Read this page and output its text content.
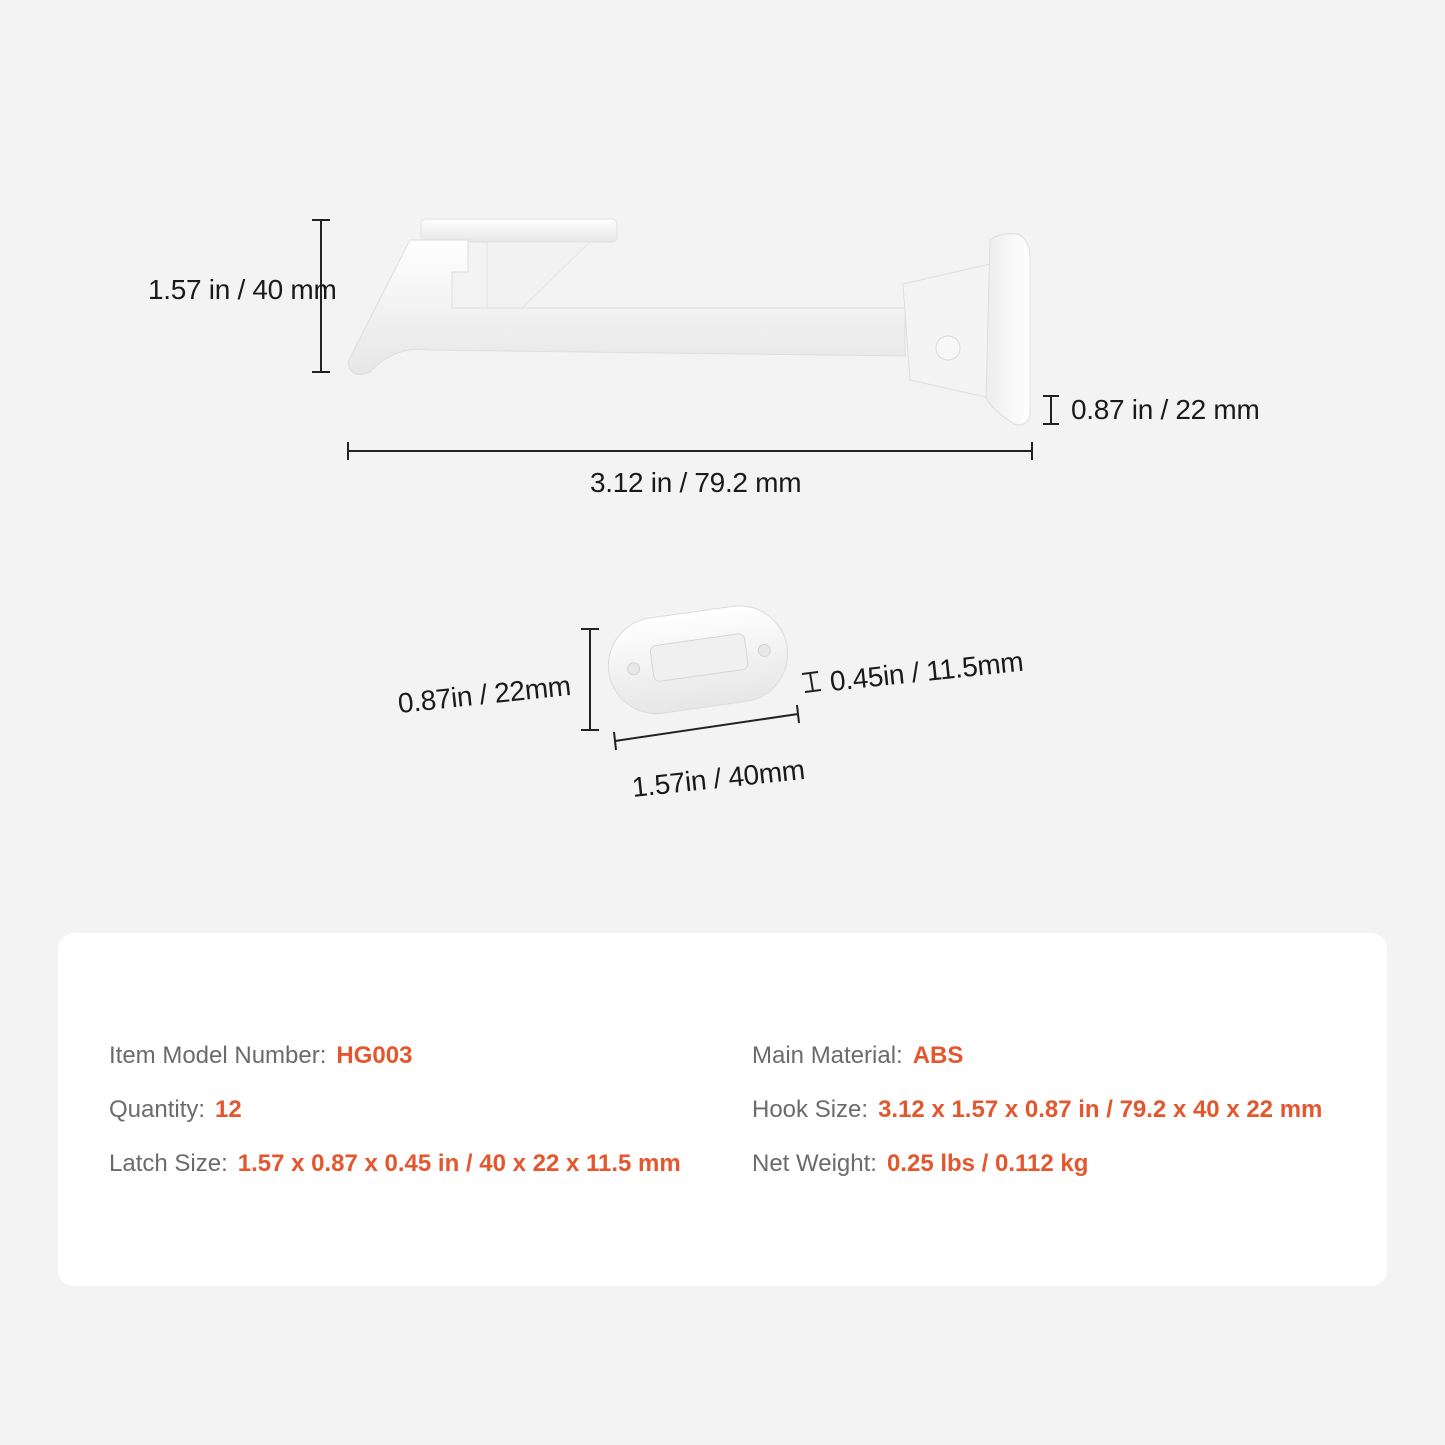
1.57 in / 40 mm
3.12 in / 79.2 mm
0.87 in / 22 mm
0.87in / 22mm	0.45in / 11.5mm
1.57in / 40mm
Item Model Number: HG003
Quantity: 12
Latch Size: 1.57 x 0.87 x 0.45 in / 40 x 22 x 11.5 mm
Main Material: ABS
Hook Size: 3.12 x 1.57 x 0.87 in / 79.2 x 40 x 22 mm
Net Weight: 0.25 lbs / 0.112 kg
